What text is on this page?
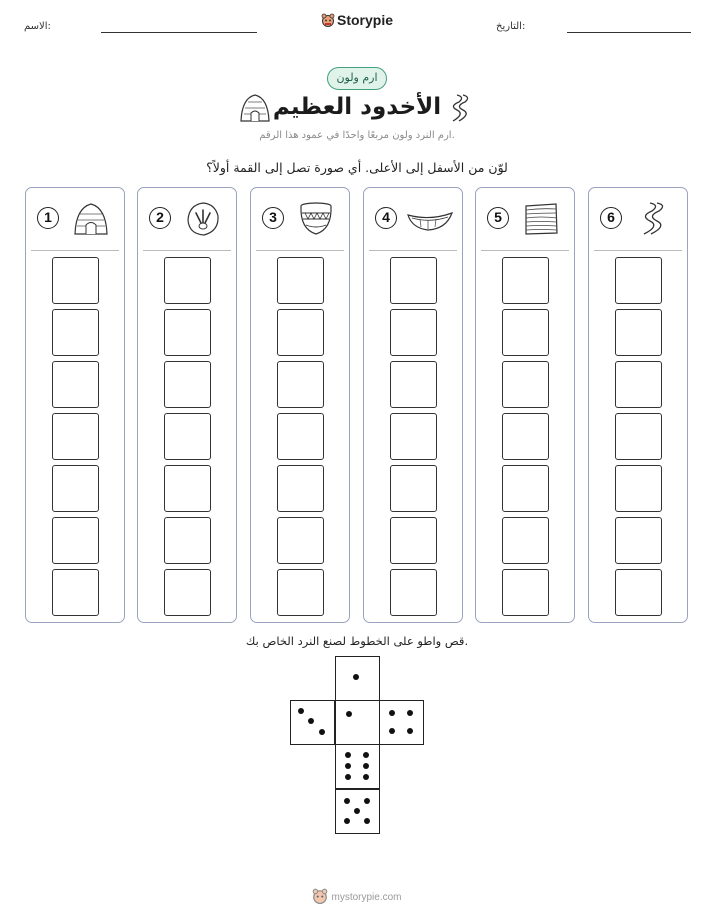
الاسم:	التاريخ:
Storypie
ارم ولون
الأخدود العظيم
ارم النرد ولون مربعًا واحدًا في عمود هذا الرقم.
لوّن من الأسفل إلى الأعلى. أي صورة تصل إلى القمة أولاً؟
1	2	3	4	5	6
قص واطو على الخطوط لصنع النرد الخاص بك.
mystorypie.com
